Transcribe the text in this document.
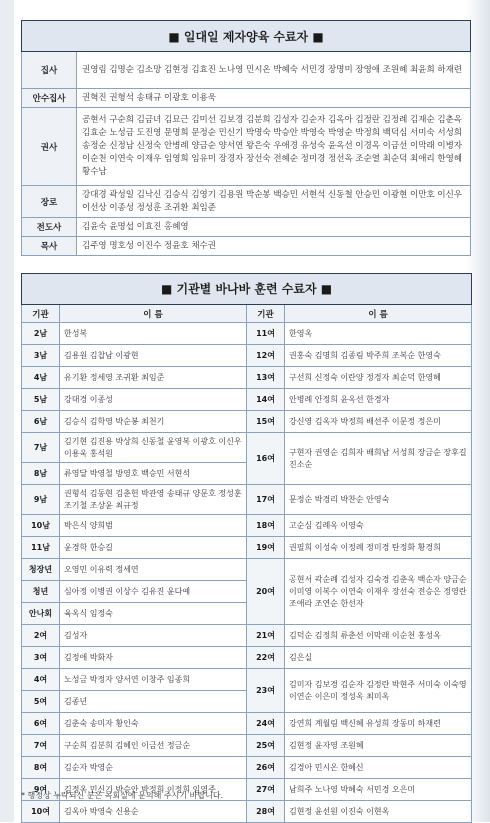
■ 일대일 제자양육 수료자 ■	
집사	권영림 김명순 김소망 김현정 김효진 노나영 민시온 박혜숙 서민경 장명미 장영애 조원혜 최윤희 하재련
안수집사	권혁진 권형석 송태규 이광호 이용욱
권사	공현서 구순희 김금녀 김묘근 김미선 김보경 김분희 김성자 김순자 김옥아 김정란 김정례 김재순 김춘옥 김효순 노성금 도진영 문명희 문정순 민신기 박명숙 박승안 박영숙 박영순 박정희 백덕심 서미숙 서성희 송정순 신정남 신정숙 안병례 양금순 양서연 왕은숙 우애경 유성숙 윤옥선 이경옥 이금선 이막래 이병자 이순천 이연숙 이재우 임영희 임유미 장경자 장선숙 전혜순 정미경 정선옥 조순열 최순덕 최애리 한영혜 황수남
장로	강대경 곽성일 김낙신 김승식 김영기 김용원 박순봉 백승민 서현석 신동철 안승민 이광현 이만호 이신우 이선상 이종성 정성훈 조귀환 최임준
전도사	김윤숙 윤명섭 이효진 홍혜영
목사	김주영 명호성 이진수 정윤호 채수권
■ 기관별 바나바 훈련 수료자 ■			
기관	이 름	기관	이 름
2남	한성복	11여	한영옥
3남	김용원 김찹남 이광현	12여	권홍숙 김명희 김종림 박주희 조복순 한영숙
4남	유기환 정세영 조귀환 최임준	13여	구선희 신정숙 이란양 정경자 최순덕 한영혜
5남	강대경 이종성	14여	안병례 안정희 윤옥선 한경자
6남	김승식 김학영 박순봉 최천기	15여	강신영 김옥자 박정희 배선주 이문정 정은미
7남	김기현 김진용 박상희 신동철 윤영복 이광호 이신우 이용욱 홍석원	16여	구현자 권영순 김희자 배희남 서성희 장금순 장후길 진소순
8남	류영달 박영철 방영호 백승민 서현석		
9남	권형석 김동현 김춘헌 박관영 송태규 양문호 정성훈 조기철 조상윤 최규정	17여	문정순 박경리 박찬순 안영숙
10남	박은식 양희범	18여	고순심 김례옥 이영숙
11남	윤경학 한승길	19여	권필희 이성숙 이정례 정미경 탄정화 황경희
청장년	오영민 이유력 정세연	20여	공현서 곽순례 김성자 김숙경 김춘옥 백순자 양금순 이미영 이복수 이연숙 이재우 장선숙 전승은 정영란 조애라 조연순 한선자
청년	심아정 이병권 이상수 김유진 윤다예		
안나회	육옥식 임정숙		
2여	김성자	21여	김덕순 김정희 류춘선 이막래 이순천 홍성옥
3여	김정애 박화자	22여	김은실
4여	노성금 박정자 양서연 이창주 임종희	23여	김미자 김보경 김순자 김정란 박현주 서미숙 이숙영 이연순 이은미 정성옥 최미옥
5여	김종년		
6여	김춘숙 송미자 황인숙	24여	강연희 계월림 백신혜 유성희 장동미 하재련
7여	구순희 김분희 김혜인 이금선 정금순	25여	김현정 윤자영 조원혜
8여	김순자 박영순	26여	김경아 민시온 한혜신
9여	김정옥 민신기 박승안 박정희 이정희 임영주	27여	남희주 노나영 박혜숙 서민경 오은미
10여	김옥아 박영숙 신용순	28여	김현정 윤선원 이진숙 이현옥
* 행정상 누락되신 분은 목회실에 문의해 주시기 바랍니다.
